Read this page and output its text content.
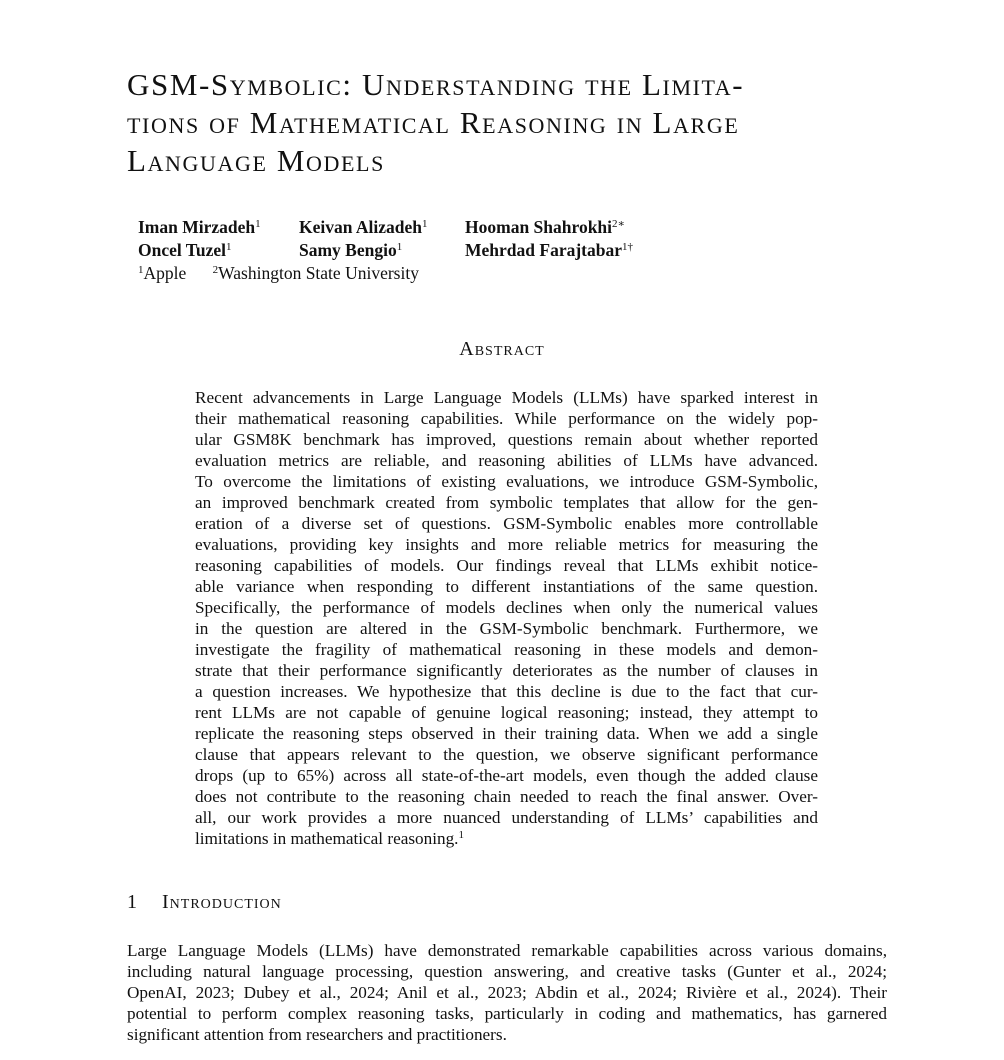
GSM-Symbolic: Understanding the Limita-
tions of Mathematical Reasoning in Large
Language Models
Iman Mirzadeh$^1$	Keivan Alizadeh$^1$	Hooman Shahrokhi$^{2∗}$
Oncel Tuzel$^1$	Samy Bengio$^1$	Mehrdad Farajtabar$^{1\dagger}$
$^1$Apple $^2$Washington State University
Abstract
Recent advancements in Large Language Models (LLMs) have sparked interest in
their mathematical reasoning capabilities. While performance on the widely pop-
ular GSM8K benchmark has improved, questions remain about whether reported
evaluation metrics are reliable, and reasoning abilities of LLMs have advanced.
To overcome the limitations of existing evaluations, we introduce GSM-Symbolic,
an improved benchmark created from symbolic templates that allow for the gen-
eration of a diverse set of questions. GSM-Symbolic enables more controllable
evaluations, providing key insights and more reliable metrics for measuring the
reasoning capabilities of models. Our findings reveal that LLMs exhibit notice-
able variance when responding to different instantiations of the same question.
Specifically, the performance of models declines when only the numerical values
in the question are altered in the GSM-Symbolic benchmark. Furthermore, we
investigate the fragility of mathematical reasoning in these models and demon-
strate that their performance significantly deteriorates as the number of clauses in
a question increases. We hypothesize that this decline is due to the fact that cur-
rent LLMs are not capable of genuine logical reasoning; instead, they attempt to
replicate the reasoning steps observed in their training data. When we add a single
clause that appears relevant to the question, we observe significant performance
drops (up to 65%) across all state-of-the-art models, even though the added clause
does not contribute to the reasoning chain needed to reach the final answer. Over-
all, our work provides a more nuanced understanding of LLMs’ capabilities and
limitations in mathematical reasoning.$^1$
1 Introduction
Large Language Models (LLMs) have demonstrated remarkable capabilities across various domains,
including natural language processing, question answering, and creative tasks (Gunter et al., 2024;
OpenAI, 2023; Dubey et al., 2024; Anil et al., 2023; Abdin et al., 2024; Rivière et al., 2024). Their
potential to perform complex reasoning tasks, particularly in coding and mathematics, has garnered
significant attention from researchers and practitioners.
